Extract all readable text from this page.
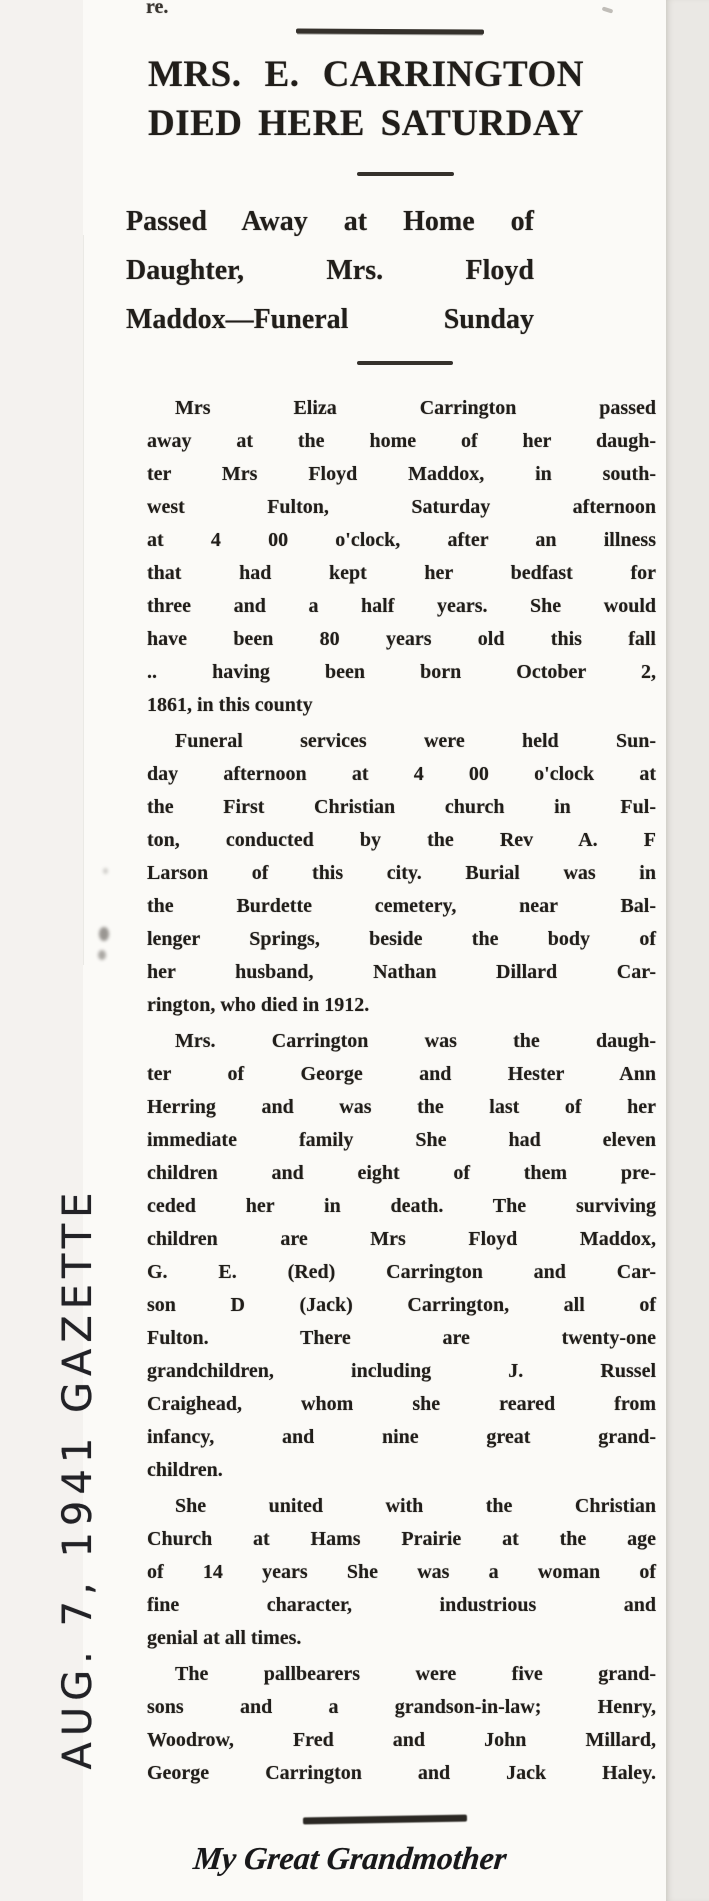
re.
MRS. E. CARRINGTON
DIED HERE SATURDAY
Passed Away at Home of
Daughter, Mrs. Floyd
Maddox—Funeral Sunday
Mrs Eliza Carrington passed
away at the home of her daugh-
ter Mrs Floyd Maddox, in south-
west Fulton, Saturday afternoon
at 4 00 o'clock, after an illness
that had kept her bedfast for
three and a half years. She would
have been 80 years old this fall
.. having been born October 2,
1861, in this county
Funeral services were held Sun-
day afternoon at 4 00 o'clock at
the First Christian church in Ful-
ton, conducted by the Rev A. F
Larson of this city. Burial was in
the Burdette cemetery, near Bal-
lenger Springs, beside the body of
her husband, Nathan Dillard Car-
rington, who died in 1912.
Mrs. Carrington was the daugh-
ter of George and Hester Ann
Herring and was the last of her
immediate family She had eleven
children and eight of them pre-
ceded her in death. The surviving
children are Mrs Floyd Maddox,
G. E. (Red) Carrington and Car-
son D (Jack) Carrington, all of
Fulton. There are twenty-one
grandchildren, including J. Russel
Craighead, whom she reared from
infancy, and nine great grand-
children.
She united with the Christian
Church at Hams Prairie at the age
of 14 years She was a woman of
fine character, industrious and
genial at all times.
The pallbearers were five grand-
sons and a grandson-in-law; Henry,
Woodrow, Fred and John Millard,
George Carrington and Jack Haley.
AUG. 7, 1941 GAZETTE
My Great Grandmother
